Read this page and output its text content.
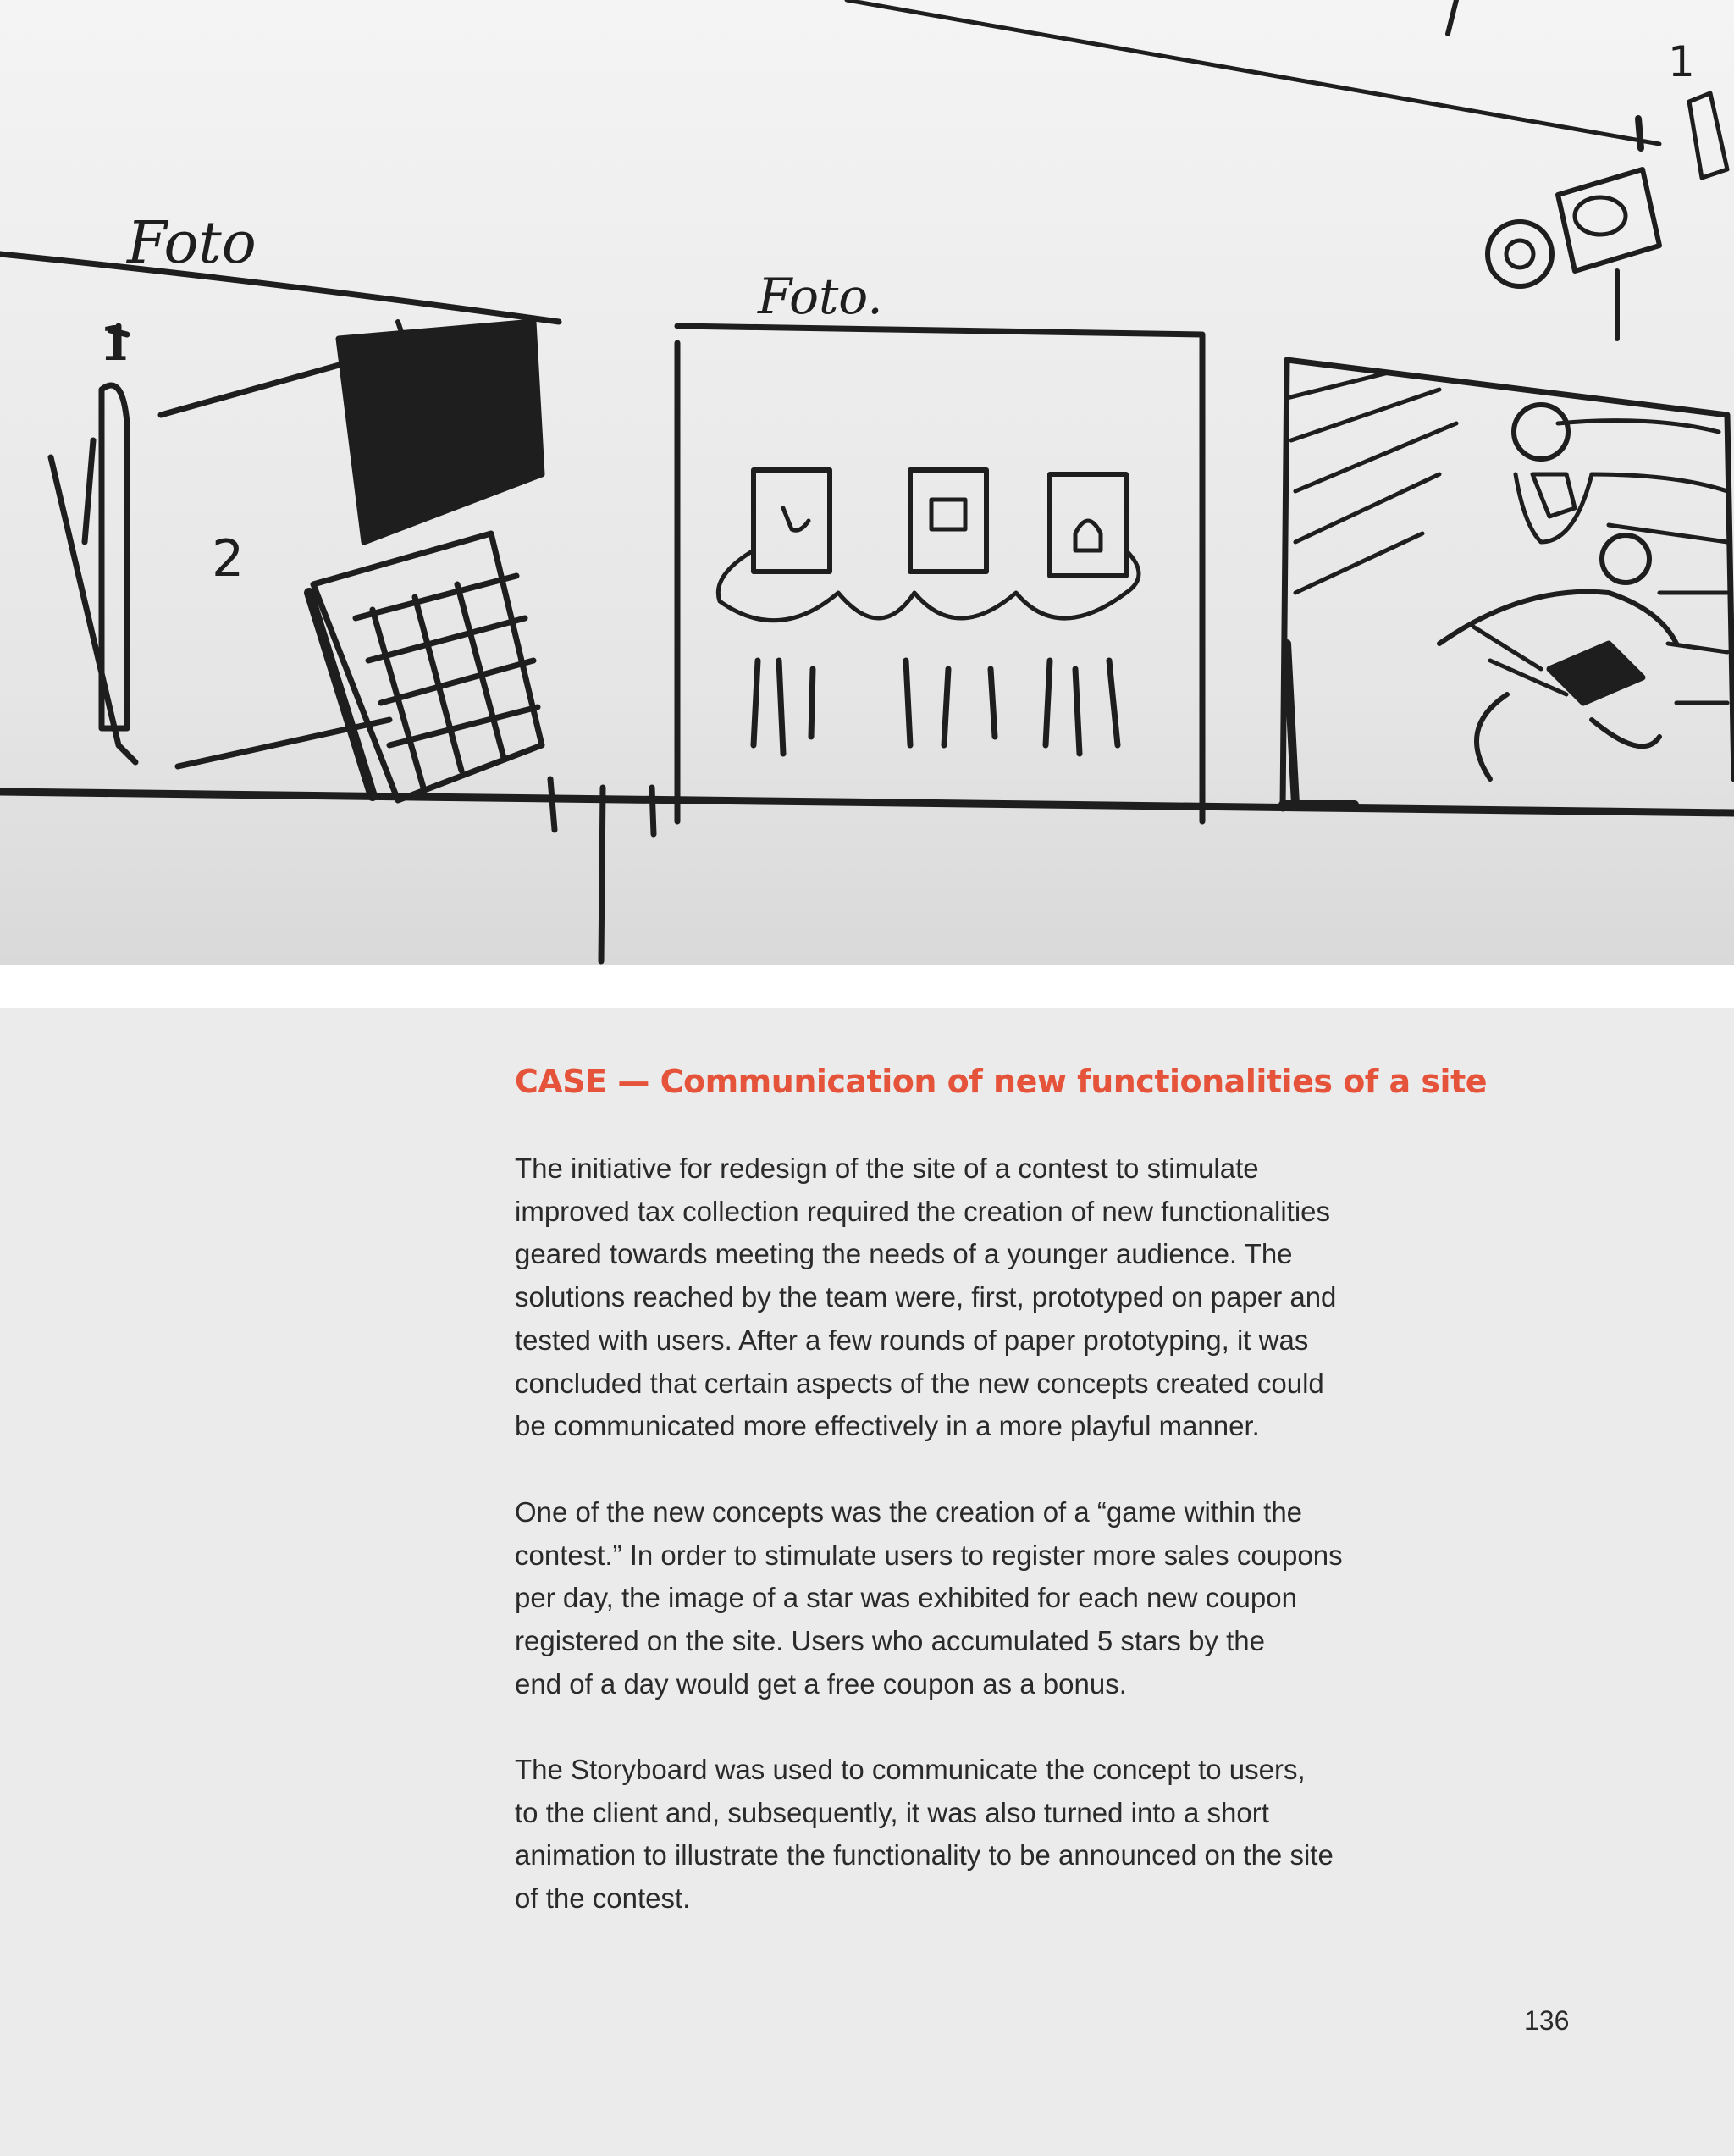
2
3
1
Foto
Foto.
1
CASE — Communication of new functionalities of a site

The initiative for redesign of the site of a contest to stimulate
improved tax collection required the creation of new functionalities
geared towards meeting the needs of a younger audience. The
solutions reached by the team were, first, prototyped on paper and
tested with users. After a few rounds of paper prototyping, it was
concluded that certain aspects of the new concepts created could
be communicated more effectively in a more playful manner.

One of the new concepts was the creation of a “game within the
contest.” In order to stimulate users to register more sales coupons
per day, the image of a star was exhibited for each new coupon
registered on the site. Users who accumulated 5 stars by the
end of a day would get a free coupon as a bonus.

The Storyboard was used to communicate the concept to users,
to the client and, subsequently, it was also turned into a short
animation to illustrate the functionality to be announced on the site
of the contest.

136
